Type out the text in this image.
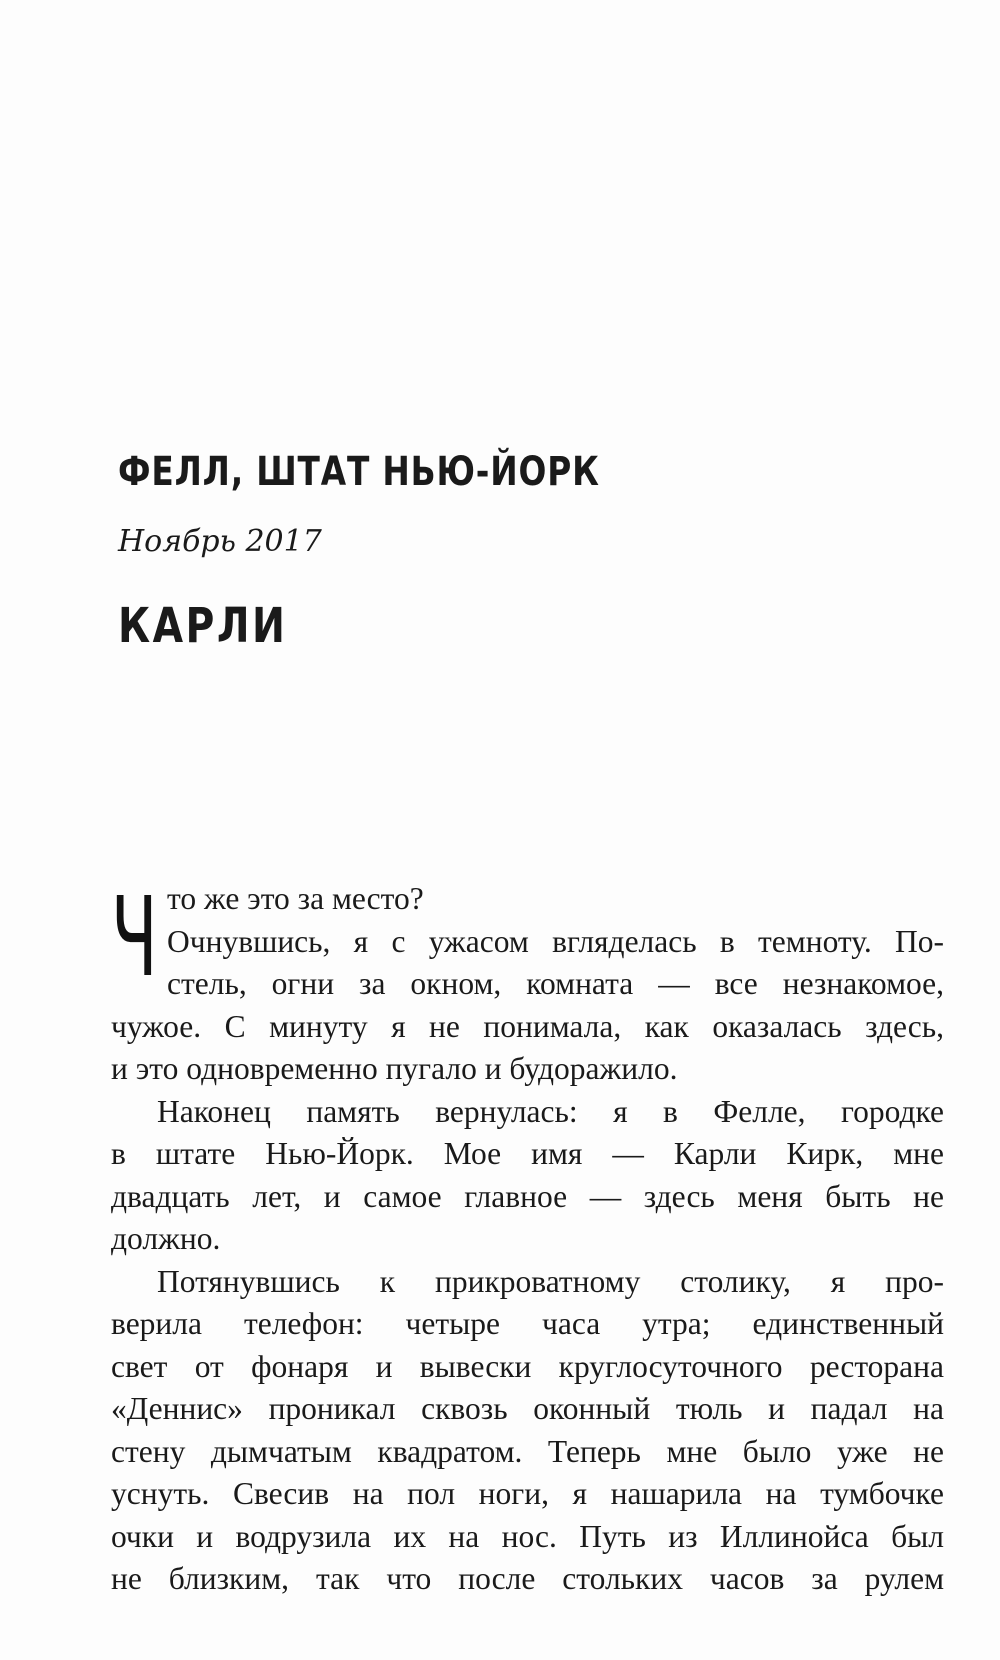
ФЕЛЛ, ШТАТ НЬЮ-ЙОРК
Ноябрь 2017
КАРЛИ

Ч то же это за место?
Очнувшись, я с ужасом вгляделась в темноту. По-
стель, огни за окном, комната — все незнакомое,
чужое. С минуту я не понимала, как оказалась здесь,
и это одновременно пугало и будоражило.

Наконец память вернулась: я в Фелле, городке
в штате Нью-Йорк. Мое имя — Карли Кирк, мне
двадцать лет, и самое главное — здесь меня быть не
должно.

Потянувшись к прикроватному столику, я про-
верила телефон: четыре часа утра; единственный
свет от фонаря и вывески круглосуточного ресторана
«Деннис» проникал сквозь оконный тюль и падал на
стену дымчатым квадратом. Теперь мне было уже не
уснуть. Свесив на пол ноги, я нашарила на тумбочке
очки и водрузила их на нос. Путь из Иллинойса был
не близким, так что после стольких часов за рулем
